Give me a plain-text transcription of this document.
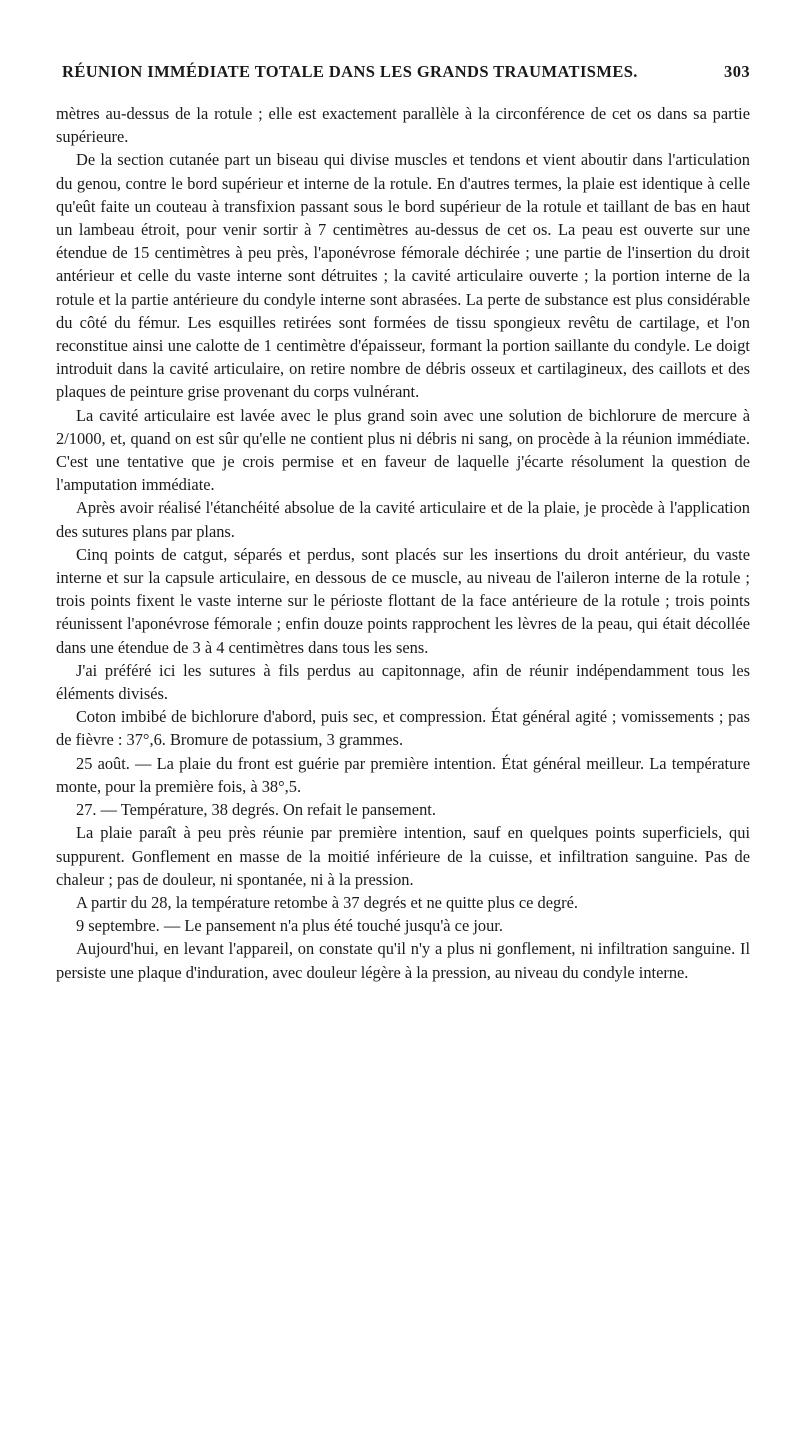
RÉUNION IMMÉDIATE TOTALE DANS LES GRANDS TRAUMATISMES.	303

mètres au-dessus de la rotule ; elle est exactement parallèle à la circonférence de cet os dans sa partie supérieure.

De la section cutanée part un biseau qui divise muscles et tendons et vient aboutir dans l'articulation du genou, contre le bord supérieur et interne de la rotule. En d'autres termes, la plaie est identique à celle qu'eût faite un couteau à transfixion passant sous le bord supérieur de la rotule et taillant de bas en haut un lambeau étroit, pour venir sortir à 7 centimètres au-dessus de cet os. La peau est ouverte sur une étendue de 15 centimètres à peu près, l'aponévrose fémorale déchirée ; une partie de l'insertion du droit antérieur et celle du vaste interne sont détruites ; la cavité articulaire ouverte ; la portion interne de la rotule et la partie antérieure du condyle interne sont abrasées. La perte de substance est plus considérable du côté du fémur. Les esquilles retirées sont formées de tissu spongieux revêtu de cartilage, et l'on reconstitue ainsi une calotte de 1 centimètre d'épaisseur, formant la portion saillante du condyle. Le doigt introduit dans la cavité articulaire, on retire nombre de débris osseux et cartilagineux, des caillots et des plaques de peinture grise provenant du corps vulnérant.

La cavité articulaire est lavée avec le plus grand soin avec une solution de bichlorure de mercure à 2/1000, et, quand on est sûr qu'elle ne contient plus ni débris ni sang, on procède à la réunion immédiate. C'est une tentative que je crois permise et en faveur de laquelle j'écarte résolument la question de l'amputation immédiate.

Après avoir réalisé l'étanchéité absolue de la cavité articulaire et de la plaie, je procède à l'application des sutures plans par plans.

Cinq points de catgut, séparés et perdus, sont placés sur les insertions du droit antérieur, du vaste interne et sur la capsule articulaire, en dessous de ce muscle, au niveau de l'aileron interne de la rotule ; trois points fixent le vaste interne sur le périoste flottant de la face antérieure de la rotule ; trois points réunissent l'aponévrose fémorale ; enfin douze points rapprochent les lèvres de la peau, qui était décollée dans une étendue de 3 à 4 centimètres dans tous les sens.

J'ai préféré ici les sutures à fils perdus au capitonnage, afin de réunir indépendamment tous les éléments divisés.

Coton imbibé de bichlorure d'abord, puis sec, et compression. État général agité ; vomissements ; pas de fièvre : 37°,6. Bromure de potassium, 3 grammes.

25 août. — La plaie du front est guérie par première intention. État général meilleur. La température monte, pour la première fois, à 38°,5.

27. — Température, 38 degrés. On refait le pansement.

La plaie paraît à peu près réunie par première intention, sauf en quelques points superficiels, qui suppurent. Gonflement en masse de la moitié inférieure de la cuisse, et infiltration sanguine. Pas de chaleur ; pas de douleur, ni spontanée, ni à la pression.

A partir du 28, la température retombe à 37 degrés et ne quitte plus ce degré.

9 septembre. — Le pansement n'a plus été touché jusqu'à ce jour.

Aujourd'hui, en levant l'appareil, on constate qu'il n'y a plus ni gonflement, ni infiltration sanguine. Il persiste une plaque d'induration, avec douleur légère à la pression, au niveau du condyle interne.
